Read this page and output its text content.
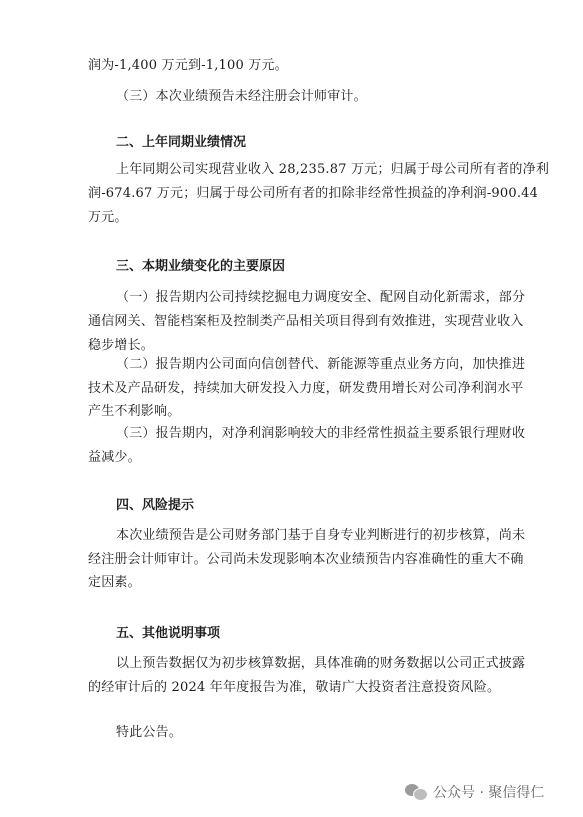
润为-1,400 万元到-1,100 万元。
（三）本次业绩预告未经注册会计师审计。
二、上年同期业绩情况
上年同期公司实现营业收入 28,235.87 万元；归属于母公司所有者的净利
润-674.67 万元；归属于母公司所有者的扣除非经常性损益的净利润-900.44
万元。
三、本期业绩变化的主要原因
（一）报告期内公司持续挖掘电力调度安全、配网自动化新需求，部分
通信网关、智能档案柜及控制类产品相关项目得到有效推进，实现营业收入
稳步增长。
（二）报告期内公司面向信创替代、新能源等重点业务方向，加快推进
技术及产品研发，持续加大研发投入力度，研发费用增长对公司净利润水平
产生不利影响。
（三）报告期内，对净利润影响较大的非经常性损益主要系银行理财收
益减少。
四、风险提示
本次业绩预告是公司财务部门基于自身专业判断进行的初步核算，尚未
经注册会计师审计。公司尚未发现影响本次业绩预告内容准确性的重大不确
定因素。
五、其他说明事项
以上预告数据仅为初步核算数据，具体准确的财务数据以公司正式披露
的经审计后的 2024 年年度报告为准，敬请广大投资者注意投资风险。
特此公告。
公众号 · 聚信得仁
